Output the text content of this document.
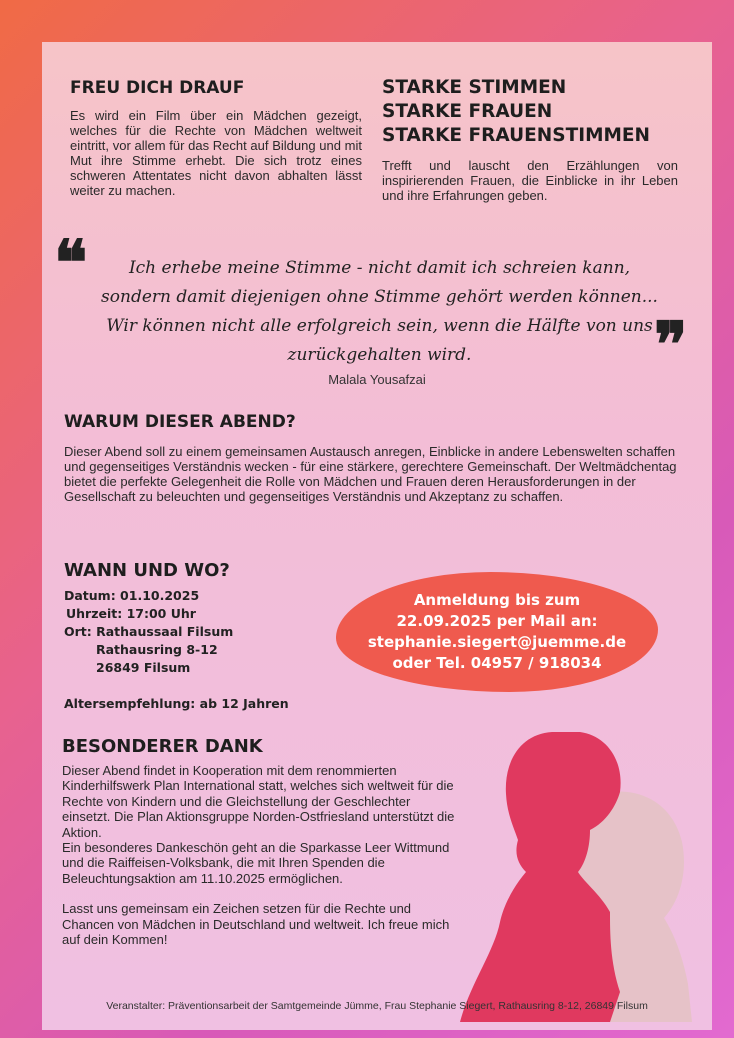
FREU DICH DRAUF

Es wird ein Film über ein Mädchen gezeigt, welches für die Rechte von Mädchen weltweit eintritt, vor allem für das Recht auf Bildung und mit Mut ihre Stimme erhebt. Die sich trotz eines schweren Attentates nicht davon abhalten lässt weiter zu machen.

STARKE STIMMEN
STARKE FRAUEN
STARKE FRAUENSTIMMEN

Trefft und lauscht den Erzählungen von inspirierenden Frauen, die Einblicke in ihr Leben und ihre Erfahrungen geben.

❝
❞
Ich erhebe meine Stimme - nicht damit ich schreien kann,
sondern damit diejenigen ohne Stimme gehört werden können...
Wir können nicht alle erfolgreich sein, wenn die Hälfte von uns
zurückgehalten wird.
Malala Yousafzai
WARUM DIESER ABEND?

Dieser Abend soll zu einem gemeinsamen Austausch anregen, Einblicke in andere Lebenswelten schaffen und gegenseitiges Verständnis wecken - für eine stärkere, gerechtere Gemeinschaft. Der Weltmädchentag bietet die perfekte Gelegenheit die Rolle von Mädchen und Frauen deren Herausforderungen in der Gesellschaft zu beleuchten und gegenseitiges Verständnis und Akzeptanz zu schaffen.

WANN UND WO?
Datum: 01.10.2025
Uhrzeit: 17:00 Uhr
Ort: Rathaussaal Filsum
Rathausring 8-12
26849 Filsum
Altersempfehlung: ab 12 Jahren
Anmeldung bis zum
22.09.2025 per Mail an:
stephanie.siegert@juemme.de
oder Tel. 04957 / 918034
BESONDERER DANK

Dieser Abend findet in Kooperation mit dem renommierten Kinderhilfswerk Plan International statt, welches sich weltweit für die Rechte von Kindern und die Gleichstellung der Geschlechter einsetzt. Die Plan Aktionsgruppe Norden-Ostfriesland unterstützt die Aktion.

Ein besonderes Dankeschön geht an die Sparkasse Leer Wittmund und die Raiffeisen-Volksbank, die mit Ihren Spenden die Beleuchtungsaktion am 11.10.2025 ermöglichen.

Lasst uns gemeinsam ein Zeichen setzen für die Rechte und Chancen von Mädchen in Deutschland und weltweit. Ich freue mich auf dein Kommen!

Veranstalter: Präventionsarbeit der Samtgemeinde Jümme, Frau Stephanie Siegert, Rathausring 8-12, 26849 Filsum
